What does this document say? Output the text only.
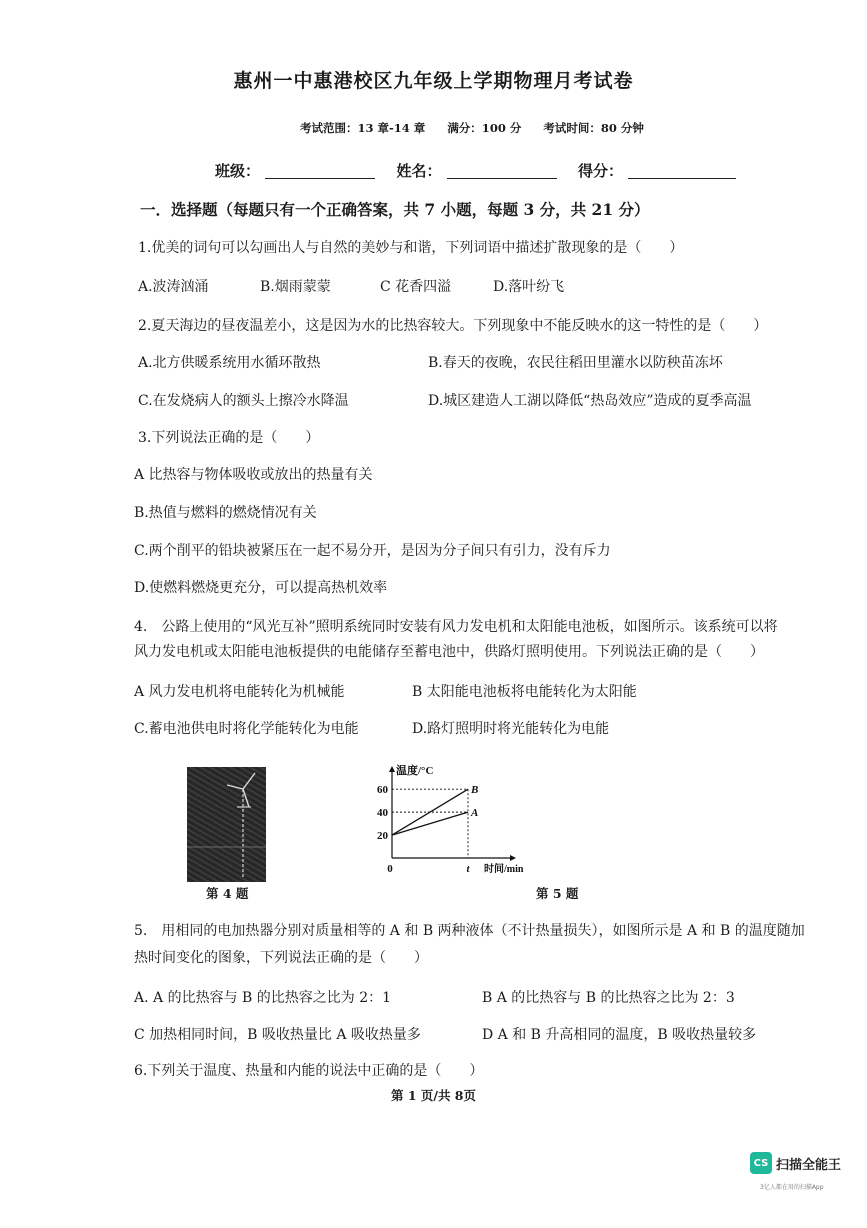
惠州一中惠港校区九年级上学期物理月考试卷
考试范围：13 章-14 章 满分：100 分 考试时间：80 分钟
班级：	姓名：	得分：
一．选择题（每题只有一个正确答案，共 7 小题，每题 3 分，共 21 分）
1.优美的词句可以勾画出人与自然的美妙与和谐，下列词语中描述扩散现象的是（　　）
A.波涛汹涌	B.烟雨蒙蒙	C 花香四溢	D.落叶纷飞
2.夏天海边的昼夜温差小，这是因为水的比热容较大。下列现象中不能反映水的这一特性的是（　　）
A.北方供暖系统用水循环散热	B.春天的夜晚，农民往稻田里灌水以防秧苗冻坏
C.在发烧病人的额头上擦冷水降温	D.城区建造人工湖以降低“热岛效应”造成的夏季高温
3.下列说法正确的是（　　）
A 比热容与物体吸收或放出的热量有关
B.热值与燃料的燃烧情况有关
C.两个削平的铅块被紧压在一起不易分开，是因为分子间只有引力，没有斥力
D.使燃料燃烧更充分，可以提高热机效率
4.　公路上使用的“风光互补”照明系统同时安装有风力发电机和太阳能电池板，如图所示。该系统可以将
风力发电机或太阳能电池板提供的电能储存至蓄电池中，供路灯照明使用。下列说法正确的是（　　）
A 风力发电机将电能转化为机械能	B 太阳能电池板将电能转化为太阳能
C.蓄电池供电时将化学能转化为电能	D.路灯照明时将光能转化为电能
第 4 题
温度/°C
时间/min
0	t
20
40
60	B
A
第 5 题
5.　用相同的电加热器分别对质量相等的 A 和 B 两种液体（不计热量损失），如图所示是 A 和 B 的温度随加
热时间变化的图象，下列说法正确的是（　　）
A. A 的比热容与 B 的比热容之比为 2：1	B A 的比热容与 B 的比热容之比为 2：3
C 加热相同时间，B 吸收热量比 A 吸收热量多	D A 和 B 升高相同的温度，B 吸收热量较多
6.下列关于温度、热量和内能的说法中正确的是（　　）
第 1 页/共 8页
CS 扫描全能王
3亿人都在用的扫描App
